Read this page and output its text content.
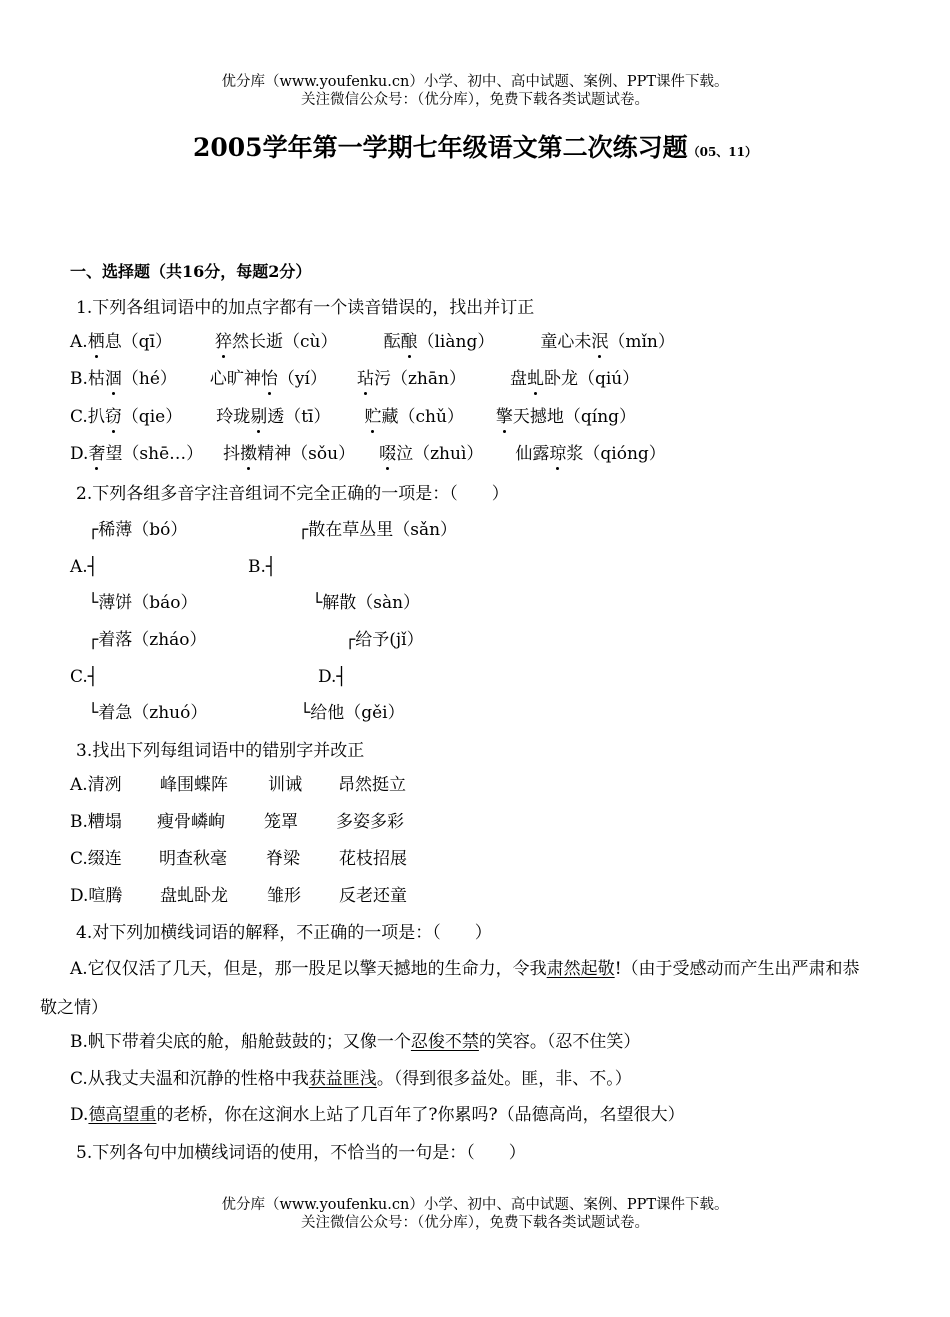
优分库（www.youfenku.cn）小学、初中、高中试题、案例、PPT课件下载。
关注微信公众号：（优分库），免费下载各类试题试卷。
2005学年第一学期七年级语文第二次练习题（05、11）
一、选择题（共16分，每题2分）
1.下列各组词语中的加点字都有一个读音错误的，找出并订正
A.栖息（qī）	猝然长逝（cù）	酝酿（liàng）	童心未泯（mǐn）
B.枯涸（hé） 心旷神怡（yí） 玷污（zhān）	盘虬卧龙（qiú）
C.扒窃（qie） 玲珑剔透（tī） 贮藏（chǔ） 擎天撼地（qíng）
D.奢望（shē…） 抖擞精神（sǒu） 啜泣（zhuì） 仙露琼浆（qióng）
2.下列各组多音字注音组词不完全正确的一项是：（　　）
┌稀薄（bó）	┌散在草丛里（sǎn）
A.┤	B.┤
└薄饼（báo）	└解散（sàn）
┌着落（zháo）	┌给予(jǐ）
C.┤	D.┤
└着急（zhuó）	└给他（gěi）
3.找出下列每组词语中的错别字并改正
A.清冽 峰围蝶阵 训诫 昂然挺立
B.糟塌 瘦骨嶙峋 笼罩 多姿多彩
C.缀连 明查秋毫 脊梁 花枝招展
D.喧腾 盘虬卧龙 雏形 反老还童
4.对下列加横线词语的解释，不正确的一项是：（　　）
A.它仅仅活了几天，但是，那一股足以擎天撼地的生命力，令我肃然起敬!（由于受感动而产生出严肃和恭
敬之情）
B.帆下带着尖底的舱，船舱鼓鼓的；又像一个忍俊不禁的笑容。（忍不住笑）
C.从我丈夫温和沉静的性格中我获益匪浅。（得到很多益处。匪，非、不。）
D.德高望重的老桥，你在这涧水上站了几百年了?你累吗?（品德高尚，名望很大）
5.下列各句中加横线词语的使用，不恰当的一句是：（　　）
优分库（www.youfenku.cn）小学、初中、高中试题、案例、PPT课件下载。
关注微信公众号：（优分库），免费下载各类试题试卷。
